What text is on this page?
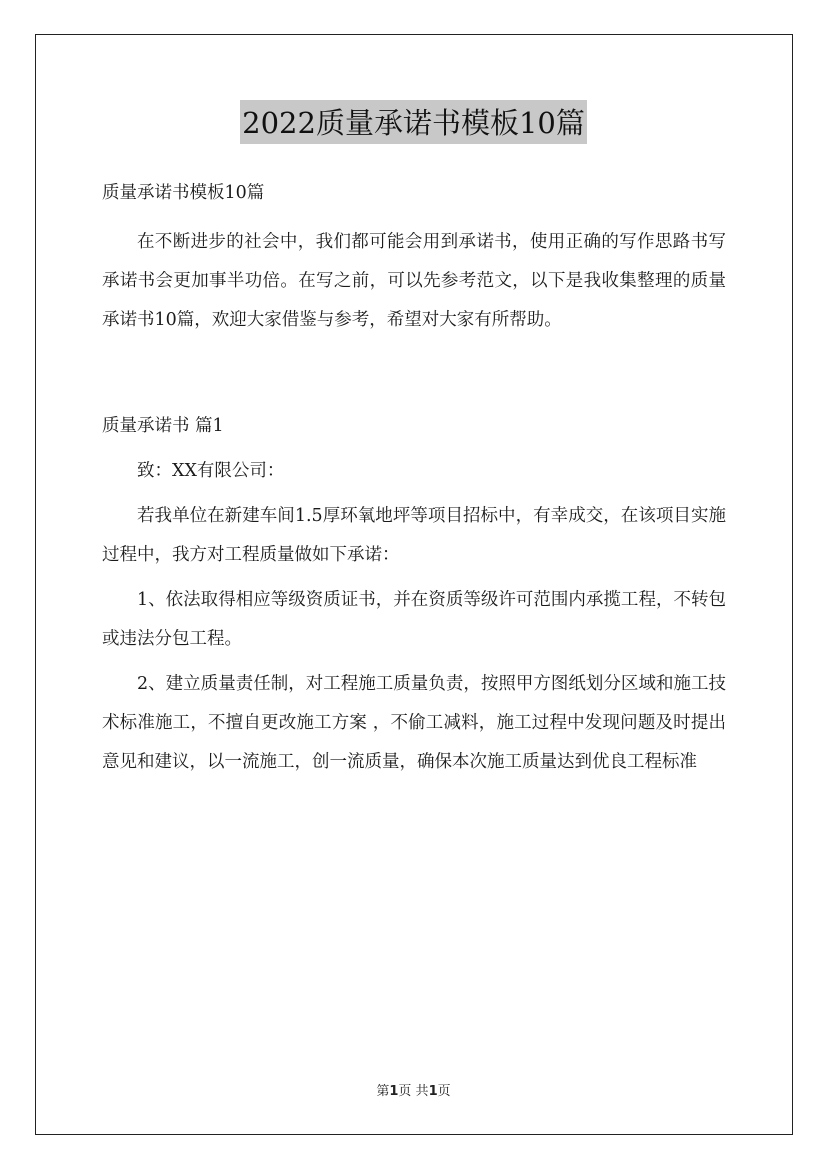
2022质量承诺书模板10篇

质量承诺书模板10篇

在不断进步的社会中，我们都可能会用到承诺书，使用正确的写作思路书写承诺书会更加事半功倍。在写之前，可以先参考范文，以下是我收集整理的质量承诺书10篇，欢迎大家借鉴与参考，希望对大家有所帮助。

质量承诺书 篇1

致：XX有限公司：

若我单位在新建车间1.5厚环氧地坪等项目招标中，有幸成交，在该项目实施过程中，我方对工程质量做如下承诺：

1、依法取得相应等级资质证书，并在资质等级许可范围内承揽工程，不转包或违法分包工程。

2、建立质量责任制，对工程施工质量负责，按照甲方图纸划分区域和施工技术标准施工，不擅自更改施工方案 ，不偷工减料，施工过程中发现问题及时提出意见和建议，以一流施工，创一流质量，确保本次施工质量达到优良工程标准

第1页 共1页
